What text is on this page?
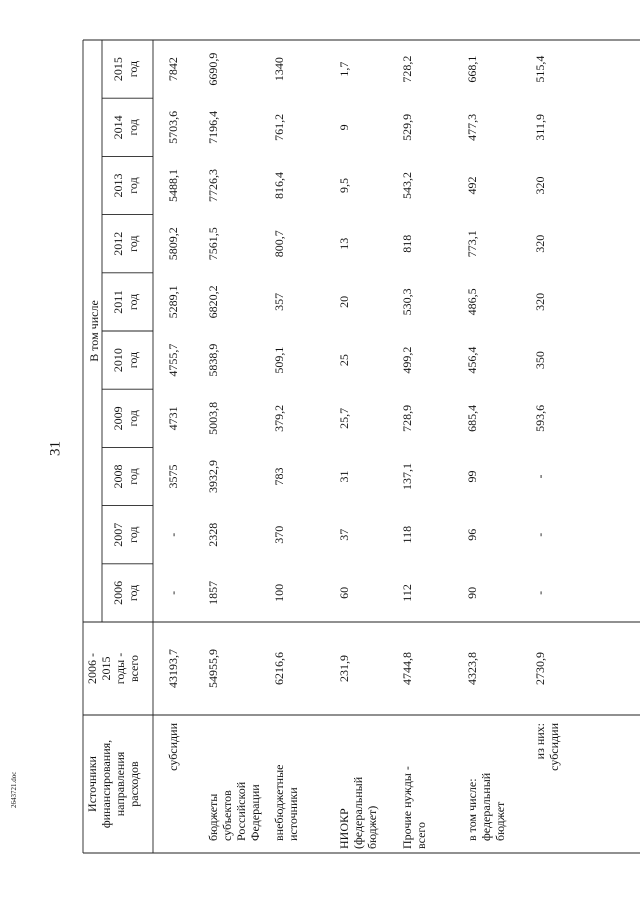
Источники финансирования, направления расходов
2006 - 2015 годы - всего
В том числе
2006 год
2007 год
2008 год
2009 год
2010 год
2011 год
2012 год
2013 год
2014 год
2015 год
субсидии
43193,7
-
-
3575
4731
4755,7
5289,1
5809,2
5488,1
5703,6
7842
бюджеты субъектов Российской Федерации
54955,9
1857
2328
3932,9
5003,8
5838,9
6820,2
7561,5
7726,3
7196,4
6690,9
внебюджетные источники
6216,6
100
370
783
379,2
509,1
357
800,7
816,4
761,2
1340
НИОКР (федеральный бюджет)
231,9
60
37
31
25,7
25
20
13
9,5
9
1,7
Прочие нужды - всего
4744,8
112
118
137,1
728,9
499,2
530,3
818
543,2
529,9
728,2
в том числе: федеральный бюджет
4323,8
90
96
99
685,4
456,4
486,5
773,1
492
477,3
668,1
из них: субсидии
2730,9
-
-
-
593,6
350
320
320
320
311,9
515,4
31
2643721.doc
